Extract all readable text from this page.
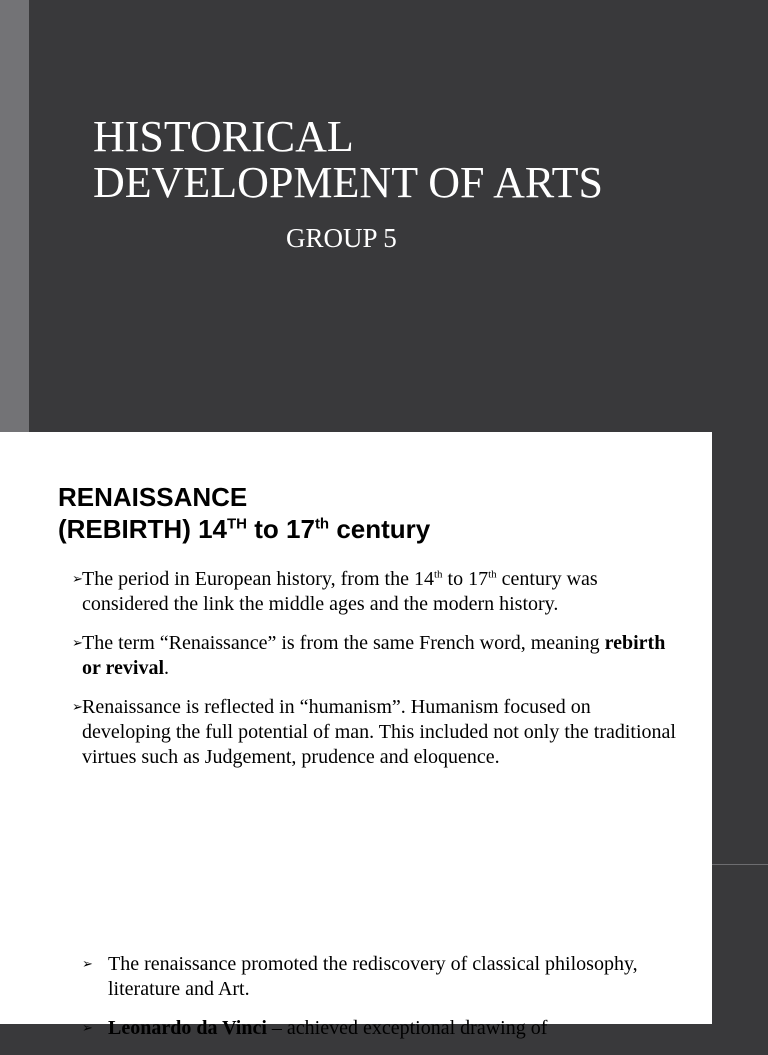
HISTORICAL
DEVELOPMENT OF ARTS
GROUP 5
RENAISSANCE
(REBIRTH) 14TH to 17th century
➢ The period in European history, from the 14th to 17th century was considered the link the middle ages and the modern history.
➢ The term “Renaissance” is from the same French word, meaning rebirth or revival.
➢ Renaissance is reflected in “humanism”. Humanism focused on developing the full potential of man. This included not only the traditional virtues such as Judgement, prudence and eloquence.
➢ The renaissance promoted the rediscovery of classical philosophy, literature and Art.
➢ Leonardo da Vinci – achieved exceptional drawing of
